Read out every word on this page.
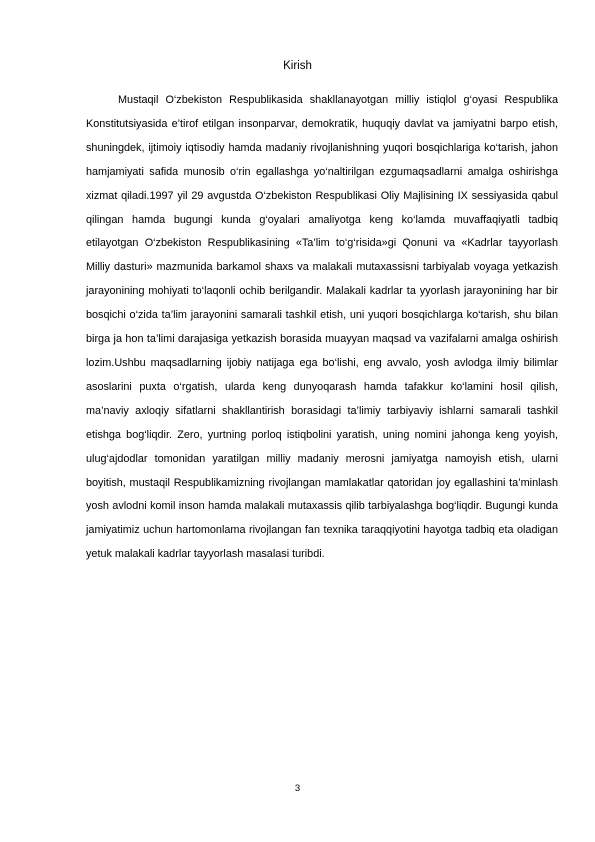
Kirish

Mustaqil O‘zbekiston Respublikasida shakllanayotgan milliy istiqlol g‘oyasi Respublika Konstitutsiyasida e’tirof etilgan insonparvar, demokratik, huquqiy davlat va jamiyatni barpo etish, shuningdek, ijtimoiy iqtisodiy hamda madaniy rivojlanishning yuqori bosqichlariga ko‘tarish, jahon hamjamiyati safida munosib o‘rin egallashga yo‘naltirilgan ezgumaqsadlarni amalga oshirishga xizmat qiladi.1997 yil 29 avgustda O‘zbekiston Respublikasi Oliy Majlisining IX sessiyasida qabul qilingan hamda bugungi kunda g‘oyalari amaliyotga keng ko‘lamda muvaffaqiyatli tadbiq etilayotgan O‘zbekiston Respublikasining «Ta’lim to‘g‘risida»gi Qonuni va «Kadrlar tayyorlash Milliy dasturi» mazmunida barkamol shaxs va malakali mutaxassisni tarbiyalab voyaga yetkazish jarayonining mohiyati to‘laqonli ochib berilgandir. Malakali kadrlar ta yyorlash jarayonining har bir bosqichi o‘zida ta’lim jarayonini samarali tashkil etish, uni yuqori bosqichlarga ko‘tarish, shu bilan birga ja hon ta’limi darajasiga yetkazish borasida muayyan maqsad va vazifalarni amalga oshirish lozim.Ushbu maqsadlarning ijobiy natijaga ega bo‘lishi, eng avvalo, yosh avlodga ilmiy bilimlar asoslarini puxta o‘rgatish, ularda keng dunyoqarash hamda tafakkur ko‘lamini hosil qilish, ma’naviy axloqiy sifatlarni shakllantirish borasidagi ta’limiy tarbiyaviy ishlarni samarali tashkil etishga bog‘liqdir. Zero, yurtning porloq istiqbolini yaratish, uning nomini jahonga keng yoyish, ulug‘ajdodlar tomonidan yaratilgan milliy madaniy merosni jamiyatga namoyish etish, ularni boyitish, mustaqil Respublikamizning rivojlangan mamlakatlar qatoridan joy egallashini ta’minlash yosh avlodni komil inson hamda malakali mutaxassis qilib tarbiyalashga bog‘liqdir. Bugungi kunda jamiyatimiz uchun hartomonlama rivojlangan fan texnika taraqqiyotini hayotga tadbiq eta oladigan yetuk malakali kadrlar tayyorlash masalasi turibdi.

3
